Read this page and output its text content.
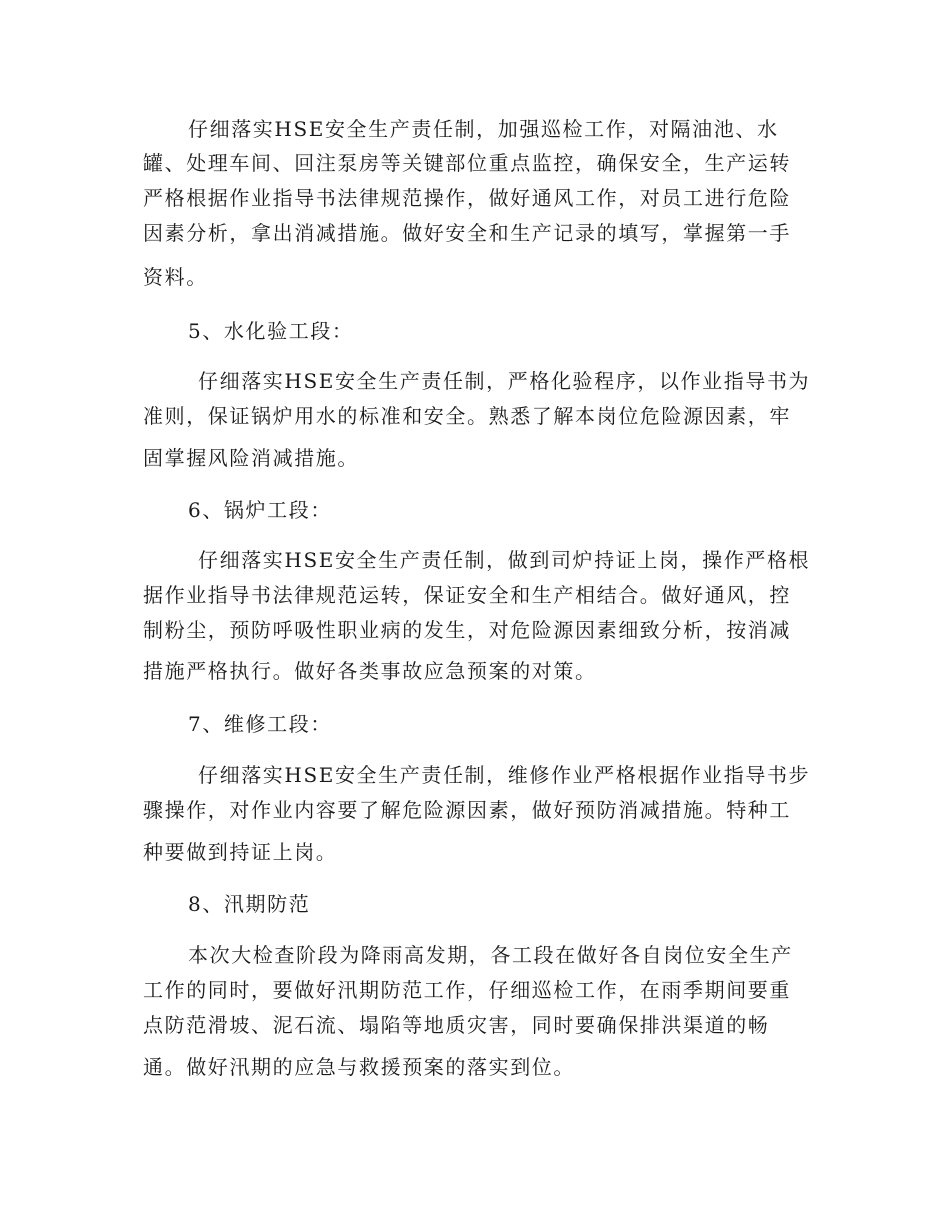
仔细落实HSE安全生产责任制，加强巡检工作，对隔油池、水
罐、处理车间、回注泵房等关键部位重点监控，确保安全，生产运转
严格根据作业指导书法律规范操作，做好通风工作，对员工进行危险
因素分析，拿出消减措施。做好安全和生产记录的填写，掌握第一手
资料。
5、水化验工段：
仔细落实HSE安全生产责任制，严格化验程序，以作业指导书为
准则，保证锅炉用水的标准和安全。熟悉了解本岗位危险源因素，牢
固掌握风险消减措施。
6、锅炉工段：
仔细落实HSE安全生产责任制，做到司炉持证上岗，操作严格根
据作业指导书法律规范运转，保证安全和生产相结合。做好通风，控
制粉尘，预防呼吸性职业病的发生，对危险源因素细致分析，按消减
措施严格执行。做好各类事故应急预案的对策。
7、维修工段：
仔细落实HSE安全生产责任制，维修作业严格根据作业指导书步
骤操作，对作业内容要了解危险源因素，做好预防消减措施。特种工
种要做到持证上岗。
8、汛期防范
本次大检查阶段为降雨高发期，各工段在做好各自岗位安全生产
工作的同时，要做好汛期防范工作，仔细巡检工作，在雨季期间要重
点防范滑坡、泥石流、塌陷等地质灾害，同时要确保排洪渠道的畅
通。做好汛期的应急与救援预案的落实到位。
